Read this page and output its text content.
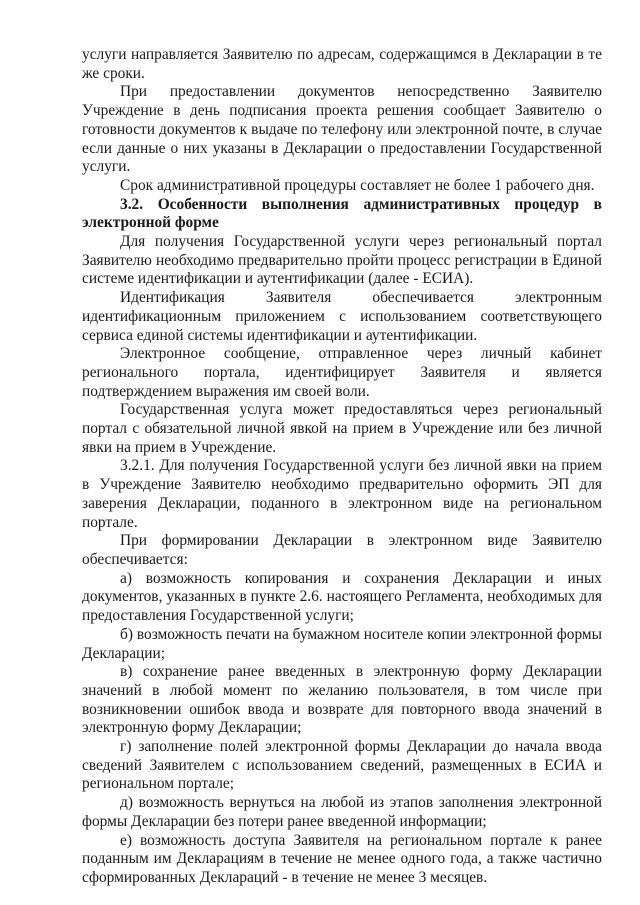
услуги направляется Заявителю по адресам, содержащимся в Декларации в те же сроки.

При предоставлении документов непосредственно Заявителю Учреждение в день подписания проекта решения сообщает Заявителю о готовности документов к выдаче по телефону или электронной почте, в случае если данные о них указаны в Декларации о предоставлении Государственной услуги.

Срок административной процедуры составляет не более 1 рабочего дня.

3.2. Особенности выполнения административных процедур в электронной форме

Для получения Государственной услуги через региональный портал Заявителю необходимо предварительно пройти процесс регистрации в Единой системе идентификации и аутентификации (далее - ЕСИА).

Идентификация Заявителя обеспечивается электронным идентификационным приложением с использованием соответствующего сервиса единой системы идентификации и аутентификации.

Электронное сообщение, отправленное через личный кабинет регионального портала, идентифицирует Заявителя и является подтверждением выражения им своей воли.

Государственная услуга может предоставляться через региональный портал с обязательной личной явкой на прием в Учреждение или без личной явки на прием в Учреждение.

3.2.1. Для получения Государственной услуги без личной явки на прием в Учреждение Заявителю необходимо предварительно оформить ЭП для заверения Декларации, поданного в электронном виде на региональном портале.

При формировании Декларации в электронном виде Заявителю обеспечивается:

а) возможность копирования и сохранения Декларации и иных документов, указанных в пункте 2.6. настоящего Регламента, необходимых для предоставления Государственной услуги;

б) возможность печати на бумажном носителе копии электронной формы Декларации;

в) сохранение ранее введенных в электронную форму Декларации значений в любой момент по желанию пользователя, в том числе при возникновении ошибок ввода и возврате для повторного ввода значений в электронную форму Декларации;

г) заполнение полей электронной формы Декларации до начала ввода сведений Заявителем с использованием сведений, размещенных в ЕСИА и региональном портале;

д) возможность вернуться на любой из этапов заполнения электронной формы Декларации без потери ранее введенной информации;

е) возможность доступа Заявителя на региональном портале к ранее поданным им Декларациям в течение не менее одного года, а также частично сформированных Деклараций - в течение не менее 3 месяцев.
